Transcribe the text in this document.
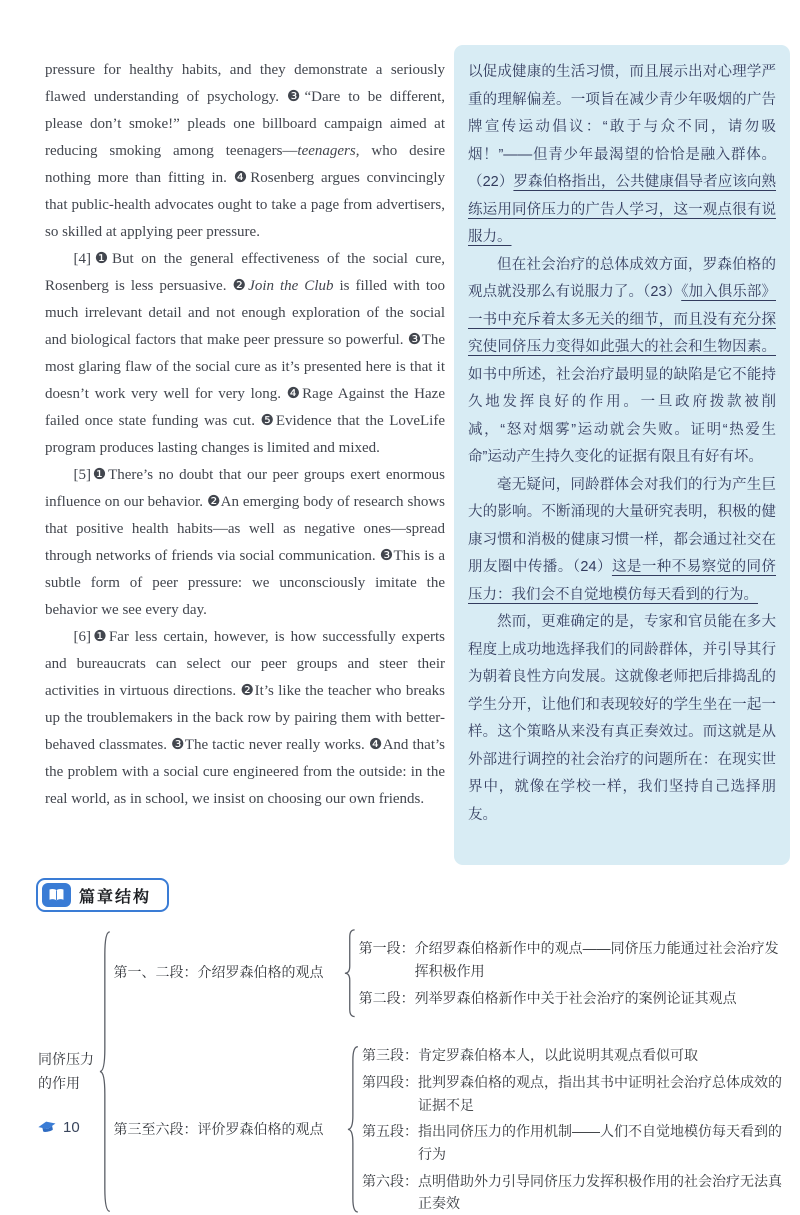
pressure for healthy habits, and they demonstrate a seriously flawed understanding of psychology. ❸“Dare to be different, please don’t smoke!” pleads one billboard campaign aimed at reducing smoking among teenagers—teenagers, who desire nothing more than fitting in. ❹Rosenberg argues convincingly that public-health advocates ought to take a page from advertisers, so skilled at applying peer pressure.

[4]❶But on the general effectiveness of the social cure, Rosenberg is less persuasive. ❷Join the Club is filled with too much irrelevant detail and not enough exploration of the social and biological factors that make peer pressure so powerful. ❸The most glaring flaw of the social cure as it’s presented here is that it doesn’t work very well for very long. ❹Rage Against the Haze failed once state funding was cut. ❺Evidence that the LoveLife program produces lasting changes is limited and mixed.

[5]❶There’s no doubt that our peer groups exert enormous influence on our behavior. ❷An emerging body of research shows that positive health habits—as well as negative ones—spread through networks of friends via social communication. ❸This is a subtle form of peer pressure: we unconsciously imitate the behavior we see every day.

[6]❶Far less certain, however, is how successfully experts and bureaucrats can select our peer groups and steer their activities in virtuous directions. ❷It’s like the teacher who breaks up the troublemakers in the back row by pairing them with better-behaved classmates. ❸The tactic never really works. ❹And that’s the problem with a social cure engineered from the outside: in the real world, as in school, we insist on choosing our own friends.

以促成健康的生活习惯，而且展示出对心理学严重的理解偏差。一项旨在减少青少年吸烟的广告牌宣传运动倡议：“敢于与众不同，请勿吸烟！”——但青少年最渴望的恰恰是融入群体。（22）罗森伯格指出，公共健康倡导者应该向熟练运用同侪压力的广告人学习，这一观点很有说服力。

但在社会治疗的总体成效方面，罗森伯格的观点就没那么有说服力了。（23）《加入俱乐部》一书中充斥着太多无关的细节，而且没有充分探究使同侪压力变得如此强大的社会和生物因素。如书中所述，社会治疗最明显的缺陷是它不能持久地发挥良好的作用。一旦政府拨款被削减，“怒对烟雾”运动就会失败。证明“热爱生命”运动产生持久变化的证据有限且有好有坏。

毫无疑问，同龄群体会对我们的行为产生巨大的影响。不断涌现的大量研究表明，积极的健康习惯和消极的健康习惯一样，都会通过社交在朋友圈中传播。（24）这是一种不易察觉的同侪压力：我们会不自觉地模仿每天看到的行为。

然而，更难确定的是，专家和官员能在多大程度上成功地选择我们的同龄群体，并引导其行为朝着良性方向发展。这就像老师把后排捣乱的学生分开，让他们和表现较好的学生坐在一起一样。这个策略从来没有真正奏效过。而这就是从外部进行调控的社会治疗的问题所在：在现实世界中，就像在学校一样，我们坚持自己选择朋友。

篇章结构
同侪压力的作用
第一、二段：介绍罗森伯格的观点
第一段：介绍罗森伯格新作中的观点——同侪压力能通过社会治疗发挥积极作用
第二段：列举罗森伯格新作中关于社会治疗的案例论证其观点
第三至六段：评价罗森伯格的观点
第三段：肯定罗森伯格本人，以此说明其观点看似可取
第四段：批判罗森伯格的观点，指出其书中证明社会治疗总体成效的证据不足
第五段：指出同侪压力的作用机制——人们不自觉地模仿每天看到的行为
第六段：点明借助外力引导同侪压力发挥积极作用的社会治疗无法真正奏效
10
